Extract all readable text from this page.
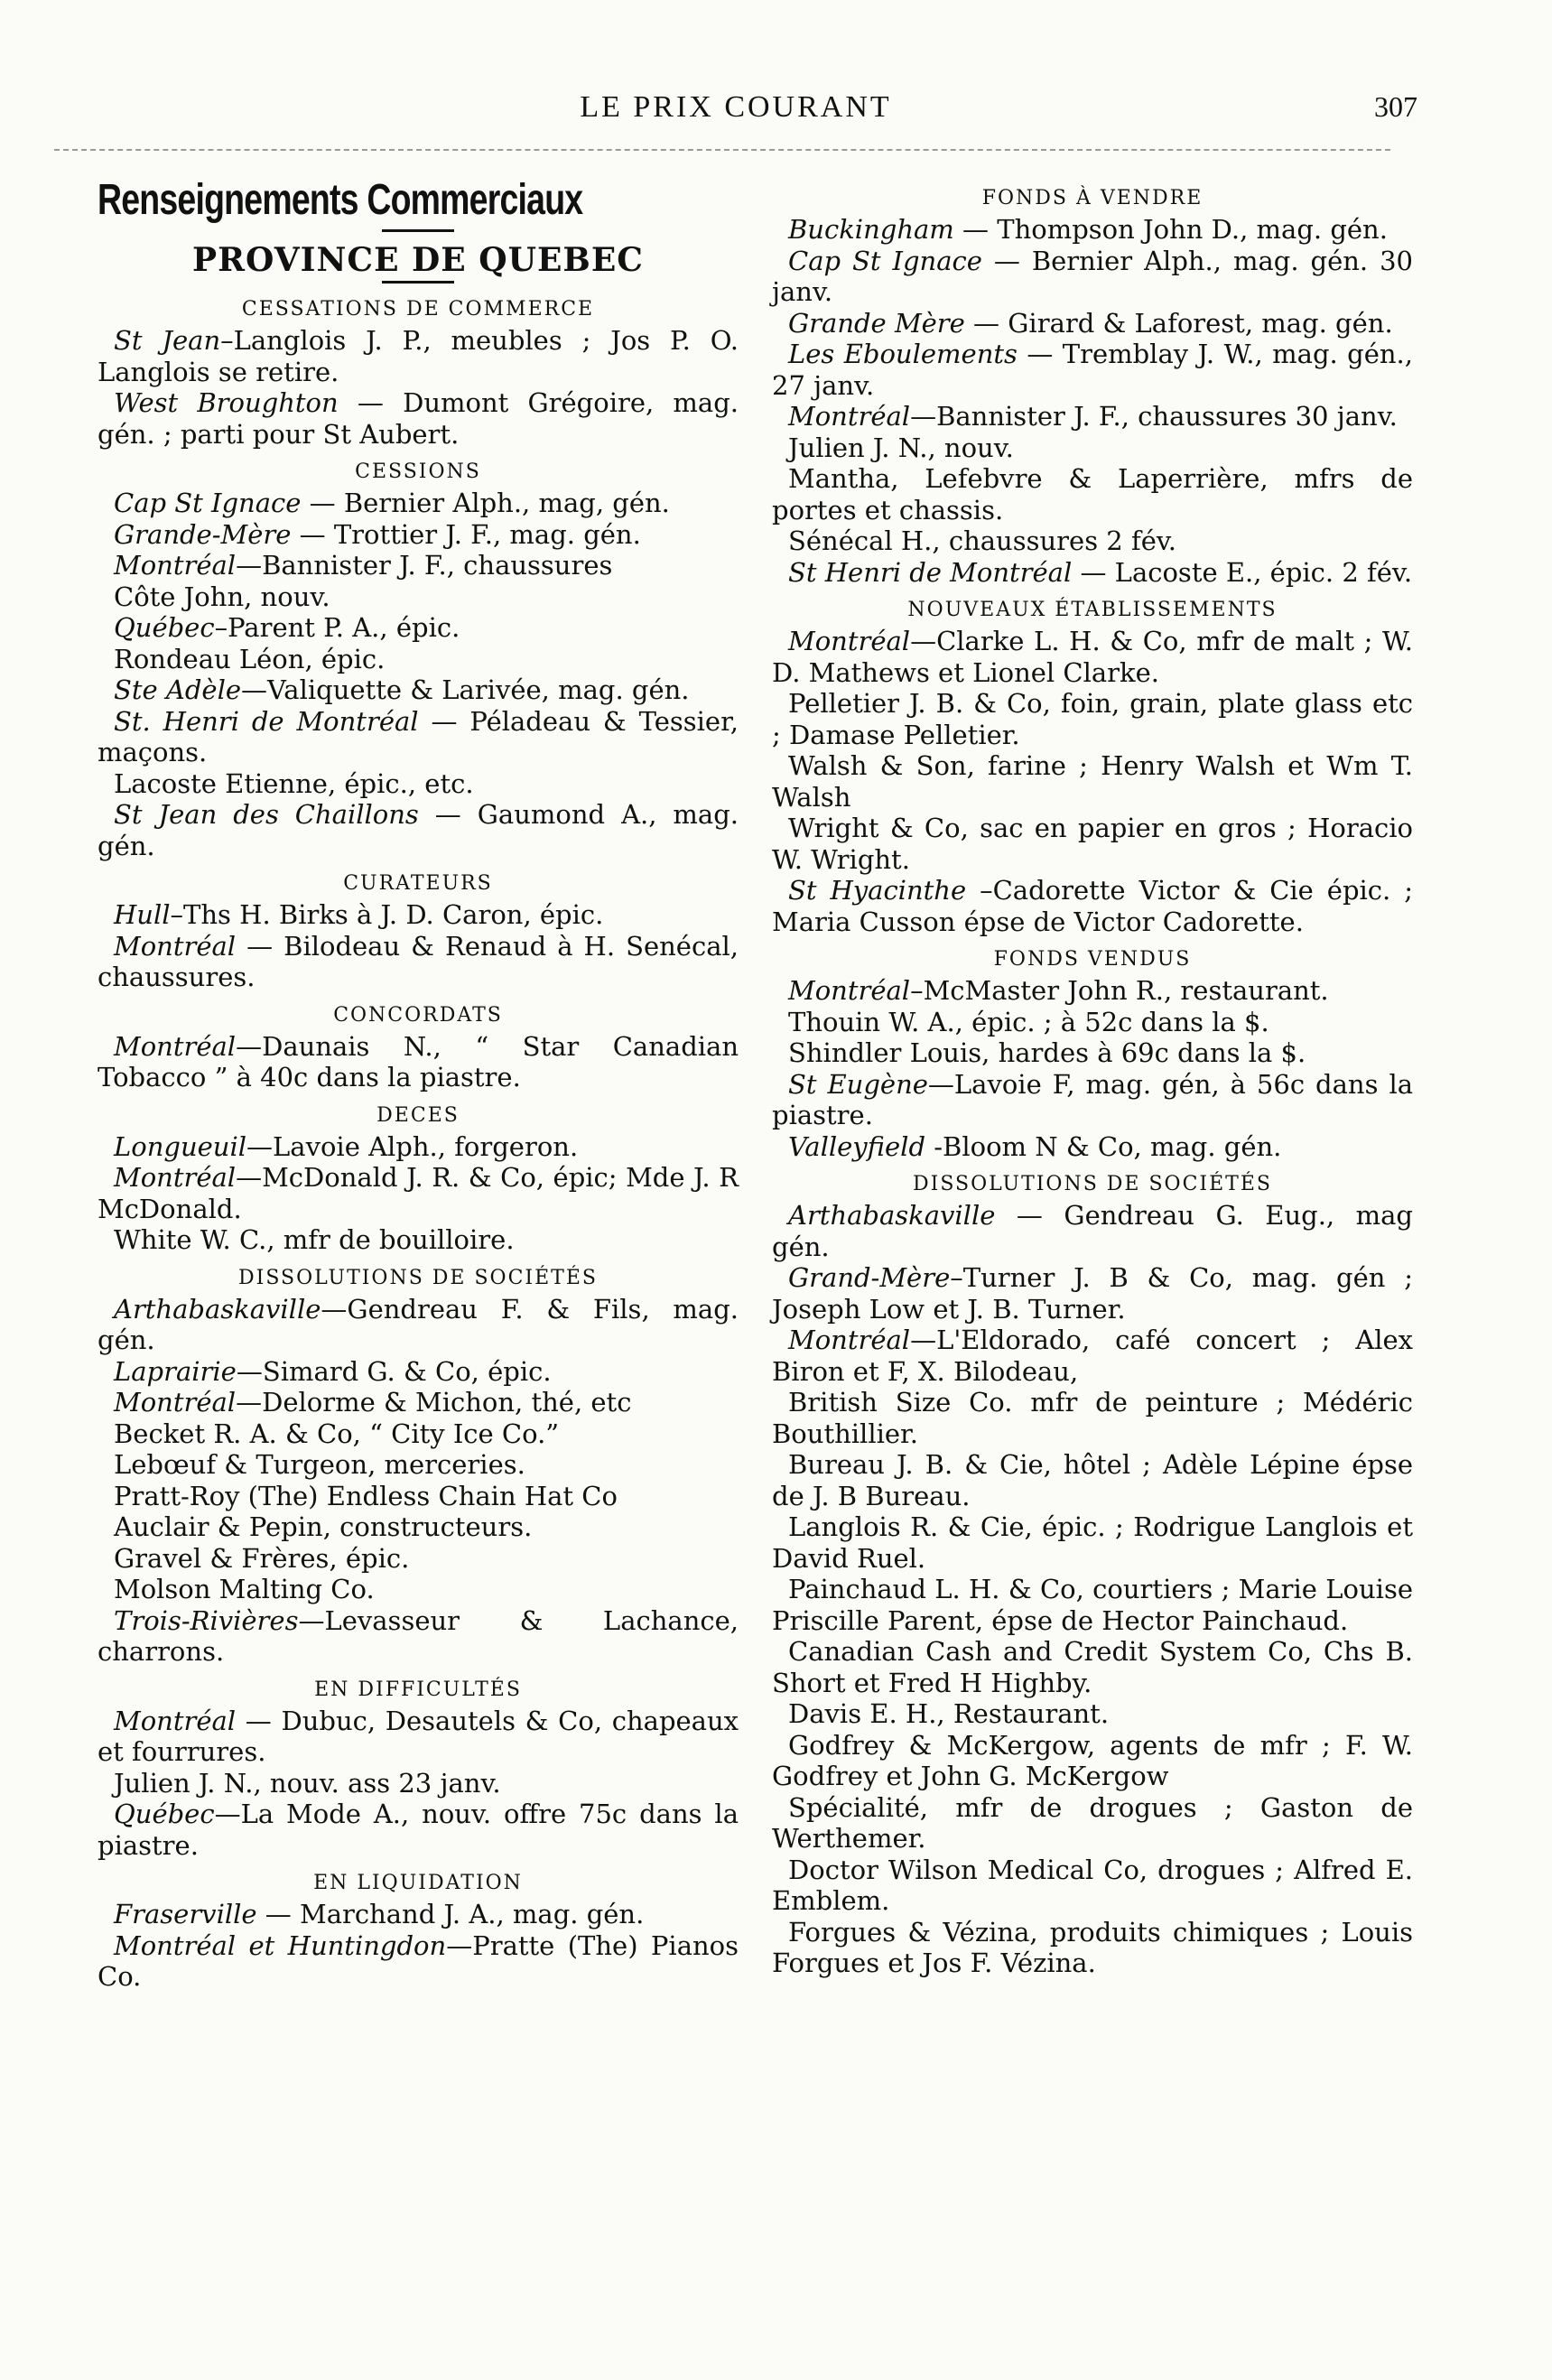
LE PRIX COURANT	307
Renseignements Commerciaux
PROVINCE DE QUEBEC
CESSATIONS DE COMMERCE
St Jean–Langlois J. P., meubles ; Jos P. O. Langlois se retire.
West Broughton — Dumont Grégoire, mag. gén. ; parti pour St Aubert.
CESSIONS
Cap St Ignace — Bernier Alph., mag, gén.
Grande-Mère — Trottier J. F., mag. gén.
Montréal—Bannister J. F., chaussures
Côte John, nouv.
Québec–Parent P. A., épic.
Rondeau Léon, épic.
Ste Adèle—Valiquette & Larivée, mag. gén.
St. Henri de Montréal — Péladeau & Tessier, maçons.
Lacoste Etienne, épic., etc.
St Jean des Chaillons — Gaumond A., mag. gén.
CURATEURS
Hull–Ths H. Birks à J. D. Caron, épic.
Montréal — Bilodeau & Renaud à H. Senécal, chaussures.
CONCORDATS
Montréal—Daunais N., “ Star Canadian Tobacco ” à 40c dans la piastre.
DECES
Longueuil—Lavoie Alph., forgeron.
Montréal—McDonald J. R. & Co, épic; Mde J. R McDonald.
White W. C., mfr de bouilloire.
DISSOLUTIONS DE SOCIÉTÉS
Arthabaskaville—Gendreau F. & Fils, mag. gén.
Laprairie—Simard G. & Co, épic.
Montréal—Delorme & Michon, thé, etc
Becket R. A. & Co, “ City Ice Co.”
Lebœuf & Turgeon, merceries.
Pratt-Roy (The) Endless Chain Hat Co
Auclair & Pepin, constructeurs.
Gravel & Frères, épic.
Molson Malting Co.
Trois-Rivières—Levasseur & Lachance, charrons.
EN DIFFICULTÉS
Montréal — Dubuc, Desautels & Co, chapeaux et fourrures.
Julien J. N., nouv. ass 23 janv.
Québec—La Mode A., nouv. offre 75c dans la piastre.
EN LIQUIDATION
Fraserville — Marchand J. A., mag. gén.
Montréal et Huntingdon—Pratte (The) Pianos Co.
FONDS À VENDRE
Buckingham — Thompson John D., mag. gén.
Cap St Ignace — Bernier Alph., mag. gén. 30 janv.
Grande Mère — Girard & Laforest, mag. gén.
Les Eboulements — Tremblay J. W., mag. gén., 27 janv.
Montréal—Bannister J. F., chaussures 30 janv.
Julien J. N., nouv.
Mantha, Lefebvre & Laperrière, mfrs de portes et chassis.
Sénécal H., chaussures 2 fév.
St Henri de Montréal — Lacoste E., épic. 2 fév.
NOUVEAUX ÉTABLISSEMENTS
Montréal—Clarke L. H. & Co, mfr de malt ; W. D. Mathews et Lionel Clarke.
Pelletier J. B. & Co, foin, grain, plate glass etc ; Damase Pelletier.
Walsh & Son, farine ; Henry Walsh et Wm T. Walsh
Wright & Co, sac en papier en gros ; Horacio W. Wright.
St Hyacinthe –Cadorette Victor & Cie épic. ; Maria Cusson épse de Victor Cadorette.
FONDS VENDUS
Montréal–McMaster John R., restaurant.
Thouin W. A., épic. ; à 52c dans la $.
Shindler Louis, hardes à 69c dans la $.
St Eugène—Lavoie F, mag. gén, à 56c dans la piastre.
Valleyfield -Bloom N & Co, mag. gén.
DISSOLUTIONS DE SOCIÉTÉS
Arthabaskaville — Gendreau G. Eug., mag gén.
Grand-Mère–Turner J. B & Co, mag. gén ; Joseph Low et J. B. Turner.
Montréal—L'Eldorado, café concert ; Alex Biron et F, X. Bilodeau,
British Size Co. mfr de peinture ; Médéric Bouthillier.
Bureau J. B. & Cie, hôtel ; Adèle Lépine épse de J. B Bureau.
Langlois R. & Cie, épic. ; Rodrigue Langlois et David Ruel.
Painchaud L. H. & Co, courtiers ; Marie Louise Priscille Parent, épse de Hector Painchaud.
Canadian Cash and Credit System Co, Chs B. Short et Fred H Highby.
Davis E. H., Restaurant.
Godfrey & McKergow, agents de mfr ; F. W. Godfrey et John G. McKergow
Spécialité, mfr de drogues ; Gaston de Werthemer.
Doctor Wilson Medical Co, drogues ; Alfred E. Emblem.
Forgues & Vézina, produits chimiques ; Louis Forgues et Jos F. Vézina.
